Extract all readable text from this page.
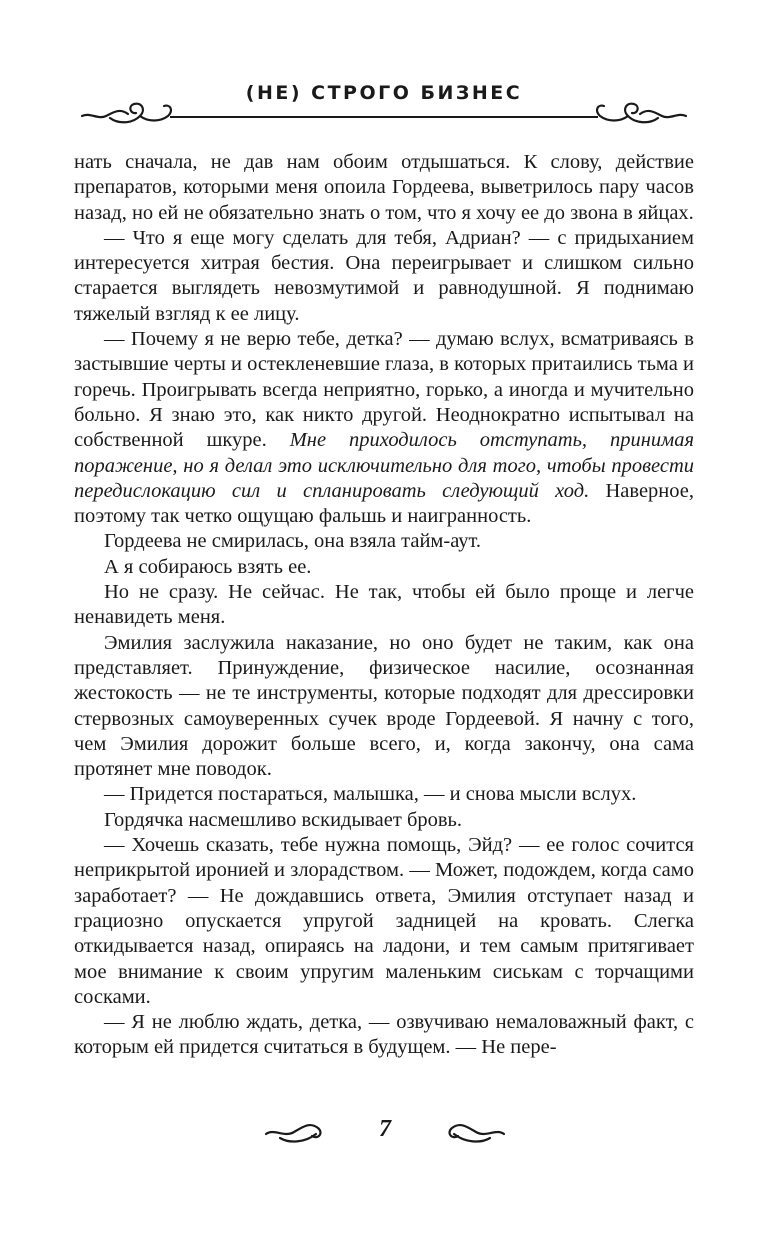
(НЕ) СТРОГО БИЗНЕС

нать сначала, не дав нам обоим отдышаться. К слову, действие препаратов, которыми меня опоила Гордеева, выветрилось пару часов назад, но ей не обязательно знать о том, что я хочу ее до звона в яйцах.

— Что я еще могу сделать для тебя, Адриан? — с придыханием интересуется хитрая бестия. Она переигрывает и слишком сильно старается выглядеть невозмутимой и равнодушной. Я поднимаю тяжелый взгляд к ее лицу.

— Почему я не верю тебе, детка? — думаю вслух, всматриваясь в застывшие черты и остекленевшие глаза, в которых притаились тьма и горечь. Проигрывать всегда неприятно, горько, а иногда и мучительно больно. Я знаю это, как никто другой. Неоднократно испытывал на собственной шкуре. Мне приходилось отступать, принимая поражение, но я делал это исключительно для того, чтобы провести передислокацию сил и спланировать следующий ход. Наверное, поэтому так четко ощущаю фальшь и наигранность.

Гордеева не смирилась, она взяла тайм-аут.

А я собираюсь взять ее.

Но не сразу. Не сейчас. Не так, чтобы ей было проще и легче ненавидеть меня.

Эмилия заслужила наказание, но оно будет не таким, как она представляет. Принуждение, физическое насилие, осознанная жестокость — не те инструменты, которые подходят для дрессировки стервозных самоуверенных сучек вроде Гордеевой. Я начну с того, чем Эмилия дорожит больше всего, и, когда закончу, она сама протянет мне поводок.

— Придется постараться, малышка, — и снова мысли вслух.

Гордячка насмешливо вскидывает бровь.

— Хочешь сказать, тебе нужна помощь, Эйд? — ее голос сочится неприкрытой иронией и злорадством. — Может, подождем, когда само заработает? — Не дождавшись ответа, Эмилия отступает назад и грациозно опускается упругой задницей на кровать. Слегка откидывается назад, опираясь на ладони, и тем самым притягивает мое внимание к своим упругим маленьким сиськам с торчащими сосками.

— Я не люблю ждать, детка, — озвучиваю немаловажный факт, с которым ей придется считаться в будущем. — Не пере-

7
